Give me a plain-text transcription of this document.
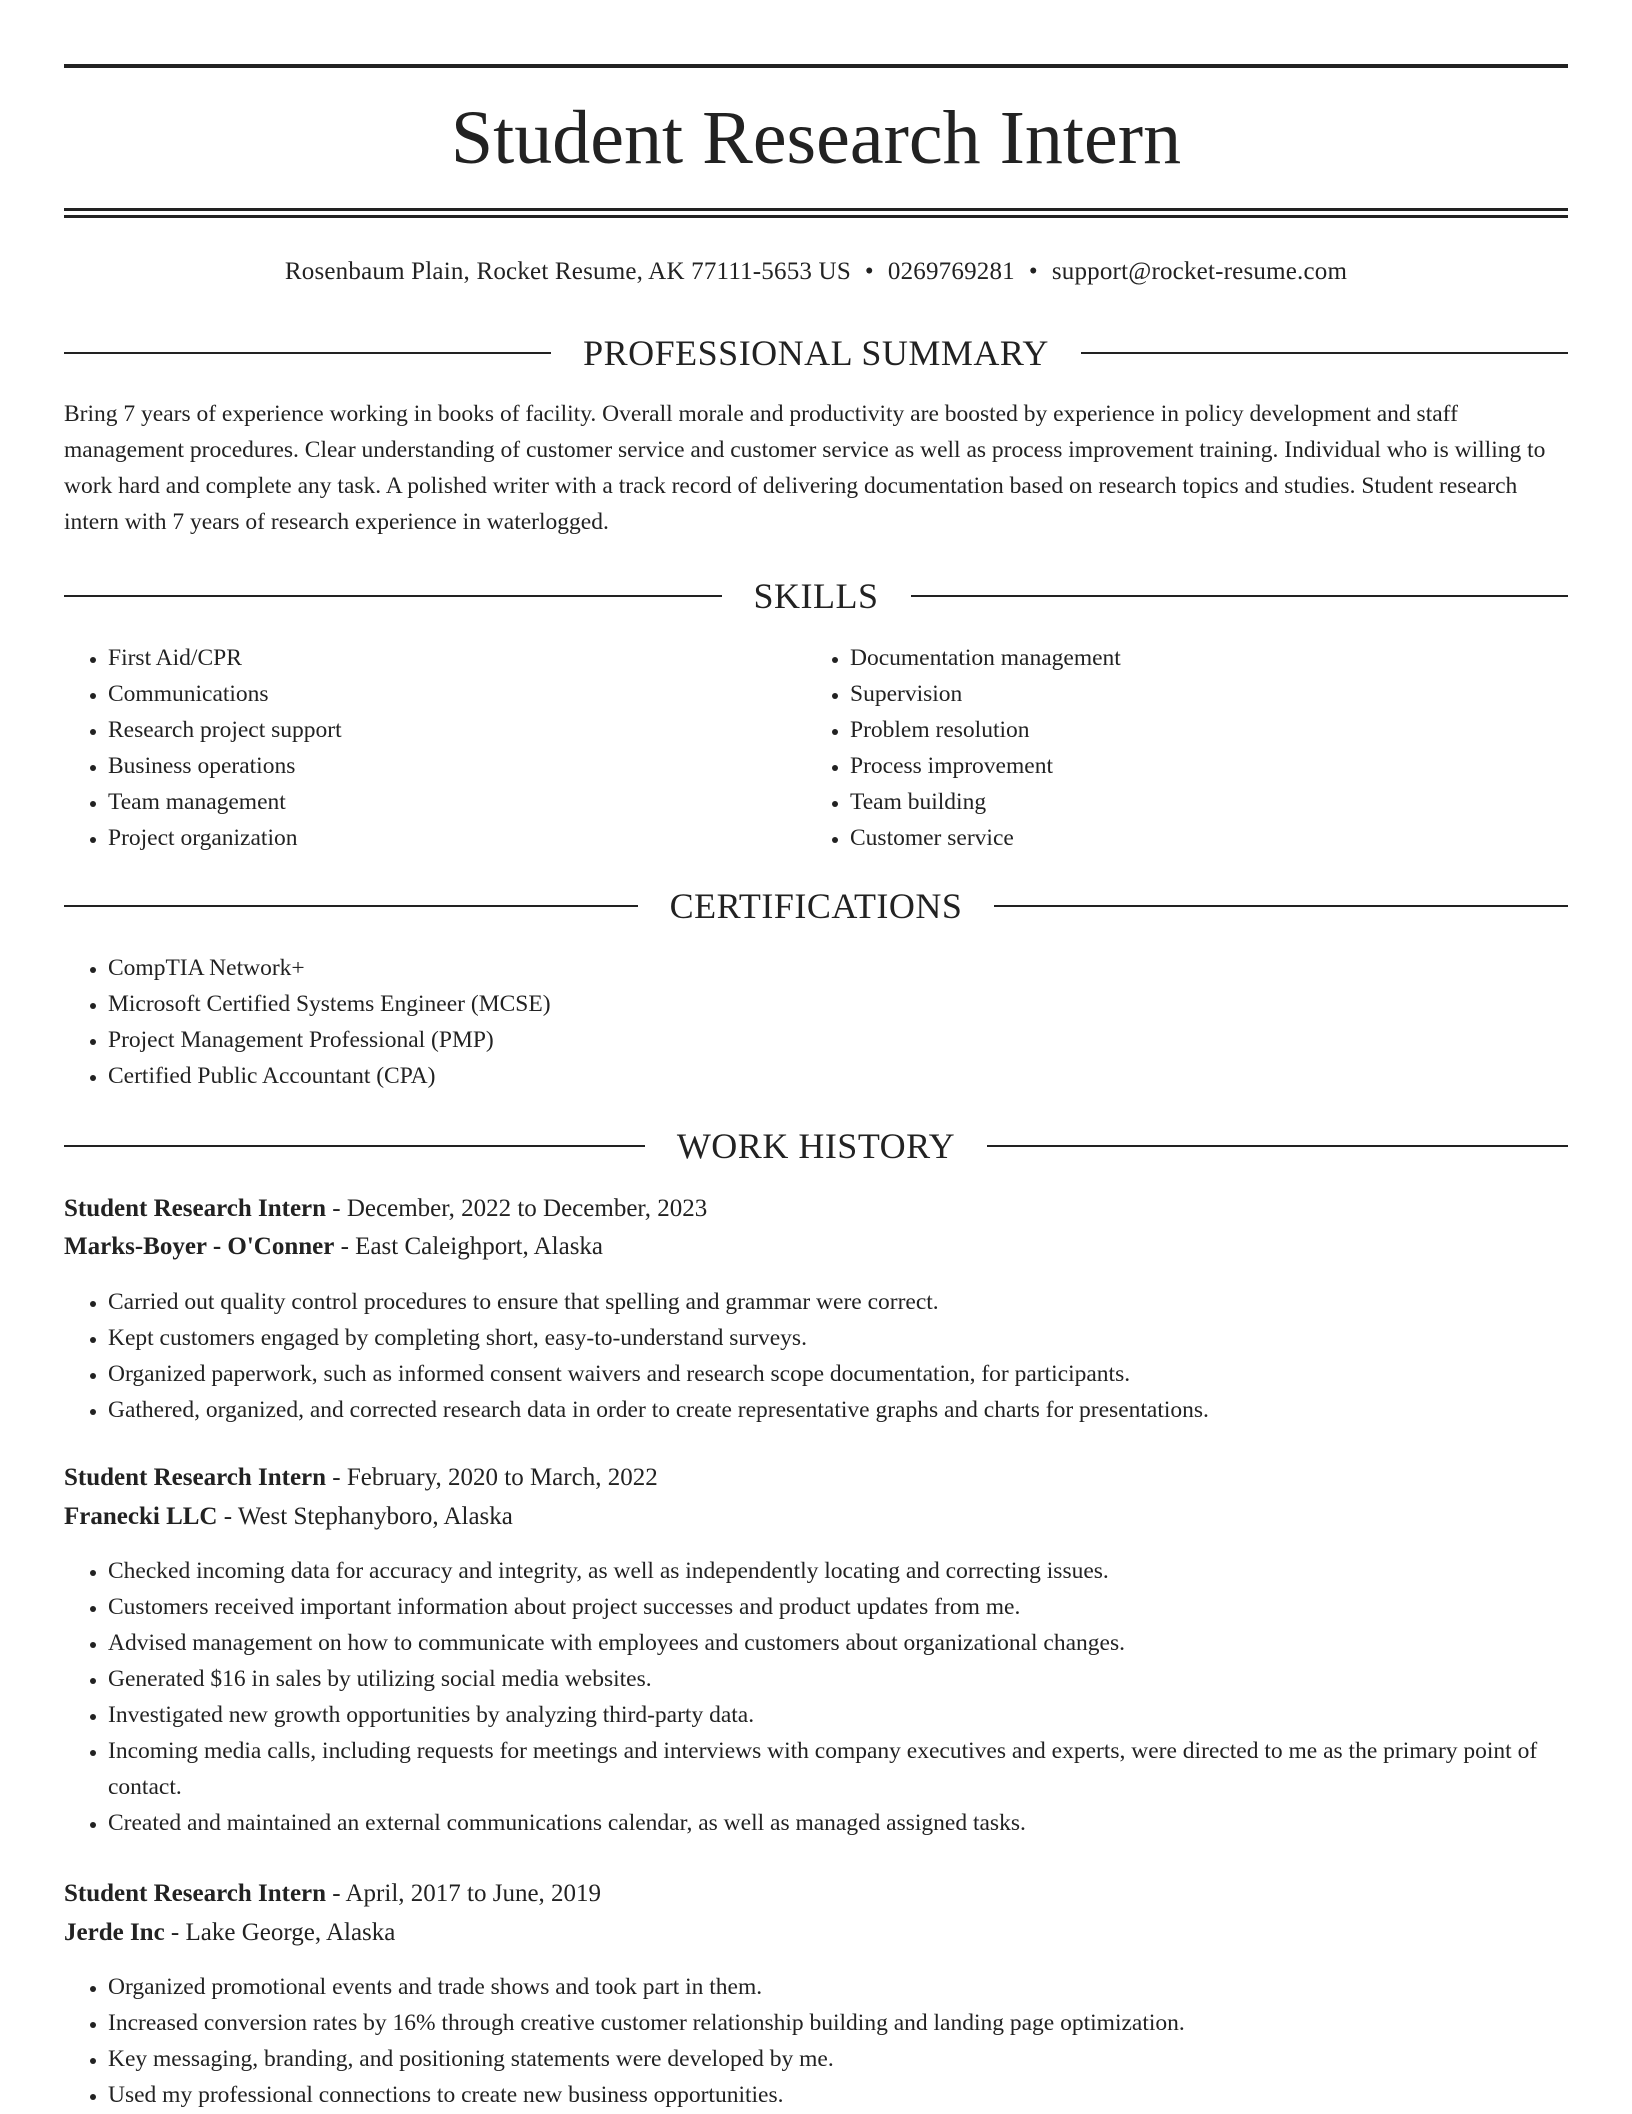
Student Research Intern
Rosenbaum Plain, Rocket Resume, AK 77111-5653 US • 0269769281 • support@rocket-resume.com
PROFESSIONAL SUMMARY

Bring 7 years of experience working in books of facility. Overall morale and productivity are boosted by experience in policy development and staff management procedures. Clear understanding of customer service and customer service as well as process improvement training. Individual who is willing to work hard and complete any task. A polished writer with a track record of delivering documentation based on research topics and studies. Student research intern with 7 years of research experience in waterlogged.

SKILLS
• First Aid/CPR
• Communications
• Research project support
• Business operations
• Team management
• Project organization
• Documentation management
• Supervision
• Problem resolution
• Process improvement
• Team building
• Customer service
CERTIFICATIONS
• CompTIA Network+
• Microsoft Certified Systems Engineer (MCSE)
• Project Management Professional (PMP)
• Certified Public Accountant (CPA)
WORK HISTORY
Student Research Intern - December, 2022 to December, 2023
Marks-Boyer - O'Conner - East Caleighport, Alaska
• Carried out quality control procedures to ensure that spelling and grammar were correct.
• Kept customers engaged by completing short, easy-to-understand surveys.
• Organized paperwork, such as informed consent waivers and research scope documentation, for participants.
• Gathered, organized, and corrected research data in order to create representative graphs and charts for presentations.
Student Research Intern - February, 2020 to March, 2022
Franecki LLC - West Stephanyboro, Alaska
• Checked incoming data for accuracy and integrity, as well as independently locating and correcting issues.
• Customers received important information about project successes and product updates from me.
• Advised management on how to communicate with employees and customers about organizational changes.
• Generated $16 in sales by utilizing social media websites.
• Investigated new growth opportunities by analyzing third-party data.
• Incoming media calls, including requests for meetings and interviews with company executives and experts, were directed to me as the primary point of contact.
• Created and maintained an external communications calendar, as well as managed assigned tasks.
Student Research Intern - April, 2017 to June, 2019
Jerde Inc - Lake George, Alaska
• Organized promotional events and trade shows and took part in them.
• Increased conversion rates by 16% through creative customer relationship building and landing page optimization.
• Key messaging, branding, and positioning statements were developed by me.
• Used my professional connections to create new business opportunities.
